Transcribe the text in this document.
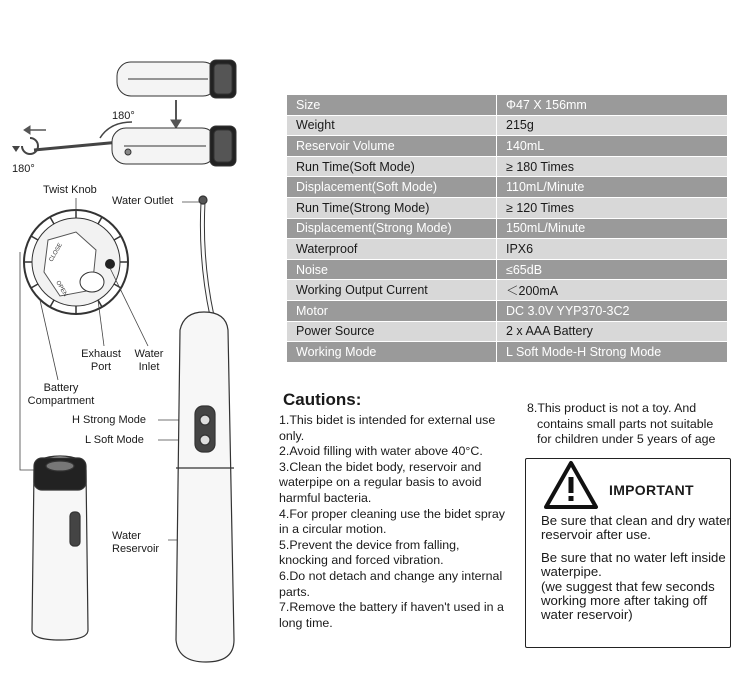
CLOSE
OPEN
180°
180°
Twist Knob
Water Outlet
Exhaust
Port
Water
Inlet
Battery
Compartment
H Strong Mode
L Soft Mode
Water
Reservoir
Size	Φ47 X 156mm
Weight	215g
Reservoir Volume	140mL
Run Time(Soft Mode)	≥ 180 Times
Displacement(Soft Mode)	110mL/Minute
Run Time(Strong Mode)	≥ 120 Times
Displacement(Strong Mode)	150mL/Minute
Waterproof	IPX6
Noise	≤65dB
Working Output Current	＜200mA
Motor	DC 3.0V YYP370-3C2
Power Source	2 x AAA Battery
Working Mode	L Soft Mode-H Strong Mode
Cautions:
1.This bidet is intended for external use only.
2.Avoid filling with water above 40°C.
3.Clean the bidet body, reservoir and waterpipe on a regular basis to avoid harmful bacteria.
4.For proper cleaning use the bidet spray in a circular motion.
5.Prevent the device from falling, knocking and forced vibration.
6.Do not detach and change any internal parts.
7.Remove the battery if haven't used in a long time.
8.This product is not a toy. And
contains small parts not suitable
for children under 5 years of age
IMPORTANT
Be sure that clean and dry water reservoir after use.
Be sure that no water left inside waterpipe.
(we suggest that few seconds working more after taking off water reservoir)
